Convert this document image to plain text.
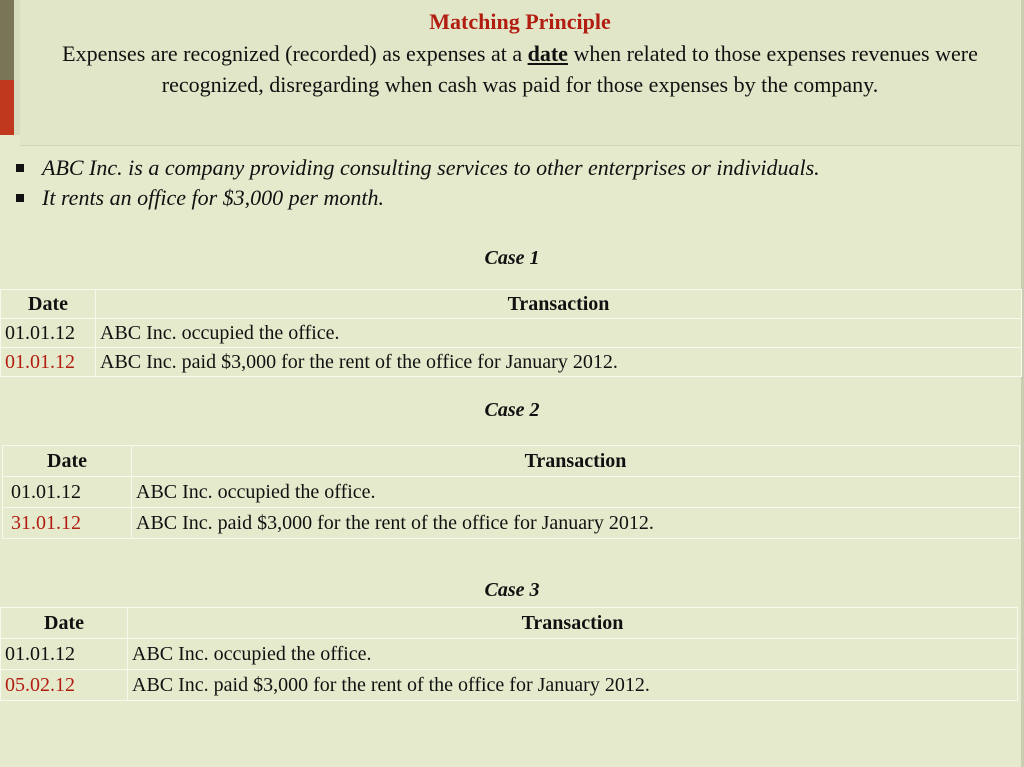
Matching Principle
Expenses are recognized (recorded) as expenses at a date when related to those expenses revenues were recognized, disregarding when cash was paid for those expenses by the company.
ABC Inc. is a company providing consulting services to other enterprises or individuals.
It rents an office for $3,000 per month.
Case 1
Date	Transaction
01.01.12	ABC Inc. occupied the office.
01.01.12	ABC Inc. paid $3,000 for the rent of the office for January 2012.
Case 2
Date	Transaction
01.01.12	ABC Inc. occupied the office.
31.01.12	ABC Inc. paid $3,000 for the rent of the office for January 2012.
Case 3
Date	Transaction
01.01.12	ABC Inc. occupied the office.
05.02.12	ABC Inc. paid $3,000 for the rent of the office for January 2012.
